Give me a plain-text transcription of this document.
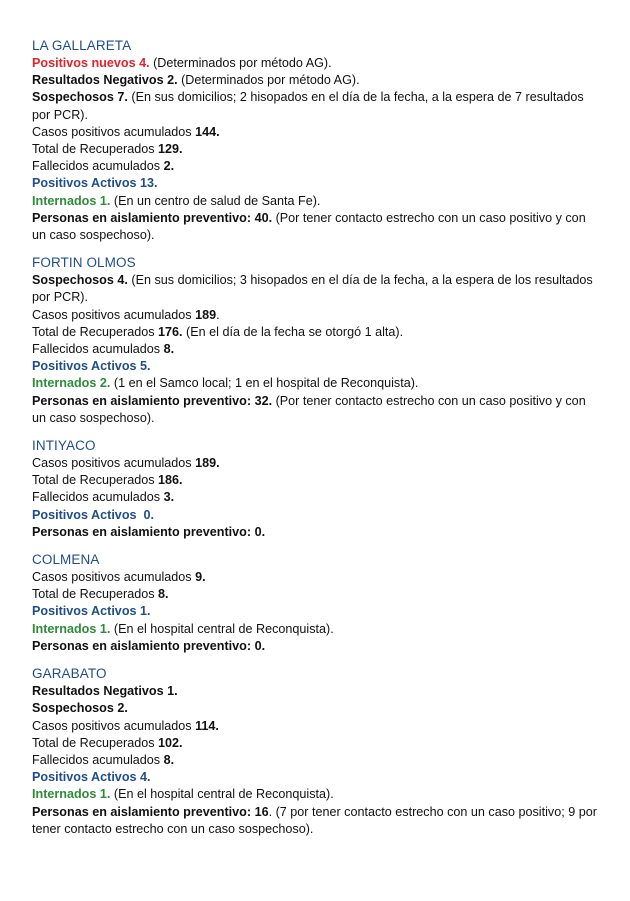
LA GALLARETA

Positivos nuevos 4. (Determinados por método AG).

Resultados Negativos 2. (Determinados por método AG).

Sospechosos 7. (En sus domicilios; 2 hisopados en el día de la fecha, a la espera de 7 resultados por PCR).

Casos positivos acumulados 144.

Total de Recuperados 129.

Fallecidos acumulados 2.

Positivos Activos 13.

Internados 1. (En un centro de salud de Santa Fe).

Personas en aislamiento preventivo: 40. (Por tener contacto estrecho con un caso positivo y con un caso sospechoso).

FORTIN OLMOS

Sospechosos 4. (En sus domicilios; 3 hisopados en el día de la fecha, a la espera de los resultados por PCR).

Casos positivos acumulados 189.

Total de Recuperados 176. (En el día de la fecha se otorgó 1 alta).

Fallecidos acumulados 8.

Positivos Activos 5.

Internados 2. (1 en el Samco local; 1 en el hospital de Reconquista).

Personas en aislamiento preventivo: 32. (Por tener contacto estrecho con un caso positivo y con un caso sospechoso).

INTIYACO

Casos positivos acumulados 189.

Total de Recuperados 186.

Fallecidos acumulados 3.

Positivos Activos  0.

Personas en aislamiento preventivo: 0.

COLMENA

Casos positivos acumulados 9.

Total de Recuperados 8.

Positivos Activos 1.

Internados 1. (En el hospital central de Reconquista).

Personas en aislamiento preventivo: 0.

GARABATO

Resultados Negativos 1.

Sospechosos 2.

Casos positivos acumulados 114.

Total de Recuperados 102.

Fallecidos acumulados 8.

Positivos Activos 4.

Internados 1. (En el hospital central de Reconquista).

Personas en aislamiento preventivo: 16. (7 por tener contacto estrecho con un caso positivo; 9 por tener contacto estrecho con un caso sospechoso).
